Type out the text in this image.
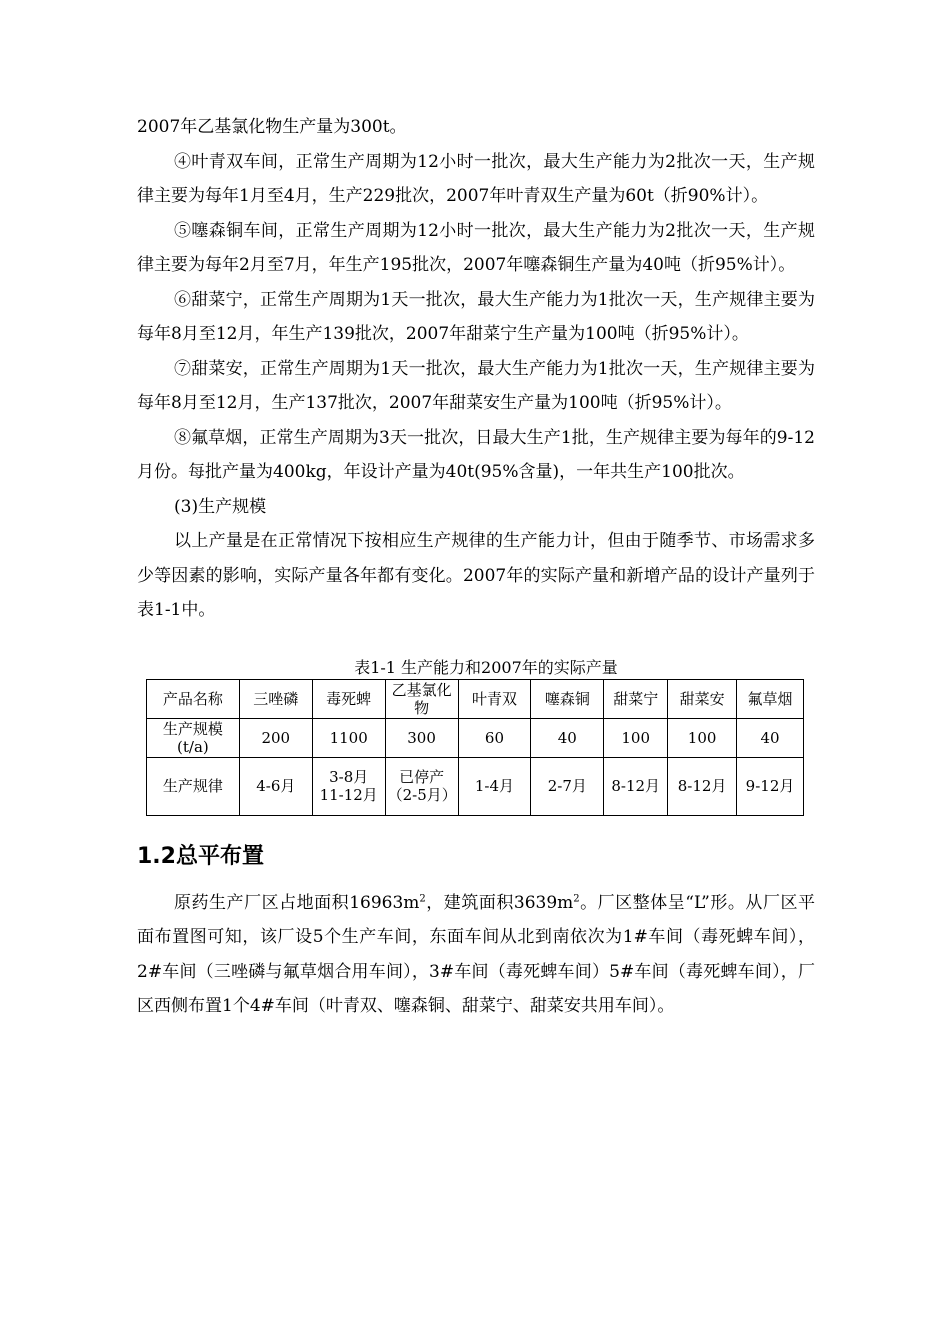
2007年乙基氯化物生产量为300t。

④叶青双车间，正常生产周期为12小时一批次，最大生产能力为2批次一天，生产规律主要为每年1月至4月，生产229批次，2007年叶青双生产量为60t（折90%计）。

⑤噻森铜车间，正常生产周期为12小时一批次，最大生产能力为2批次一天，生产规律主要为每年2月至7月，年生产195批次，2007年噻森铜生产量为40吨（折95%计）。

⑥甜菜宁，正常生产周期为1天一批次，最大生产能力为1批次一天，生产规律主要为每年8月至12月，年生产139批次，2007年甜菜宁生产量为100吨（折95%计）。

⑦甜菜安，正常生产周期为1天一批次，最大生产能力为1批次一天，生产规律主要为每年8月至12月，生产137批次，2007年甜菜安生产量为100吨（折95%计）。

⑧氟草烟，正常生产周期为3天一批次，日最大生产1批，生产规律主要为每年的9-12月份。每批产量为400kg，年设计产量为40t(95%含量)，一年共生产100批次。

(3)生产规模

以上产量是在正常情况下按相应生产规律的生产能力计，但由于随季节、市场需求多少等因素的影响，实际产量各年都有变化。2007年的实际产量和新增产品的设计产量列于表1-1中。

表1-1 生产能力和2007年的实际产量
产品名称	三唑磷	毒死蜱	乙基氯化物	叶青双	噻森铜	甜菜宁	甜菜安	氟草烟
生产规模(t/a)	200	1100	300	60	40	100	100	40
生产规律	4-6月	3-8月 11-12月	已停产（2-5月）	1-4月	2-7月	8-12月	8-12月	9-12月
1.2总平布置

原药生产厂区占地面积$16963m^2$，建筑面积$3639m^2$。厂区整体呈“L”形。从厂区平面布置图可知，该厂设5个生产车间，东面车间从北到南依次为1#车间（毒死蜱车间），2#车间（三唑磷与氟草烟合用车间），3#车间（毒死蜱车间）5#车间（毒死蜱车间），厂区西侧布置1个4#车间（叶青双、噻森铜、甜菜宁、甜菜安共用车间）。
